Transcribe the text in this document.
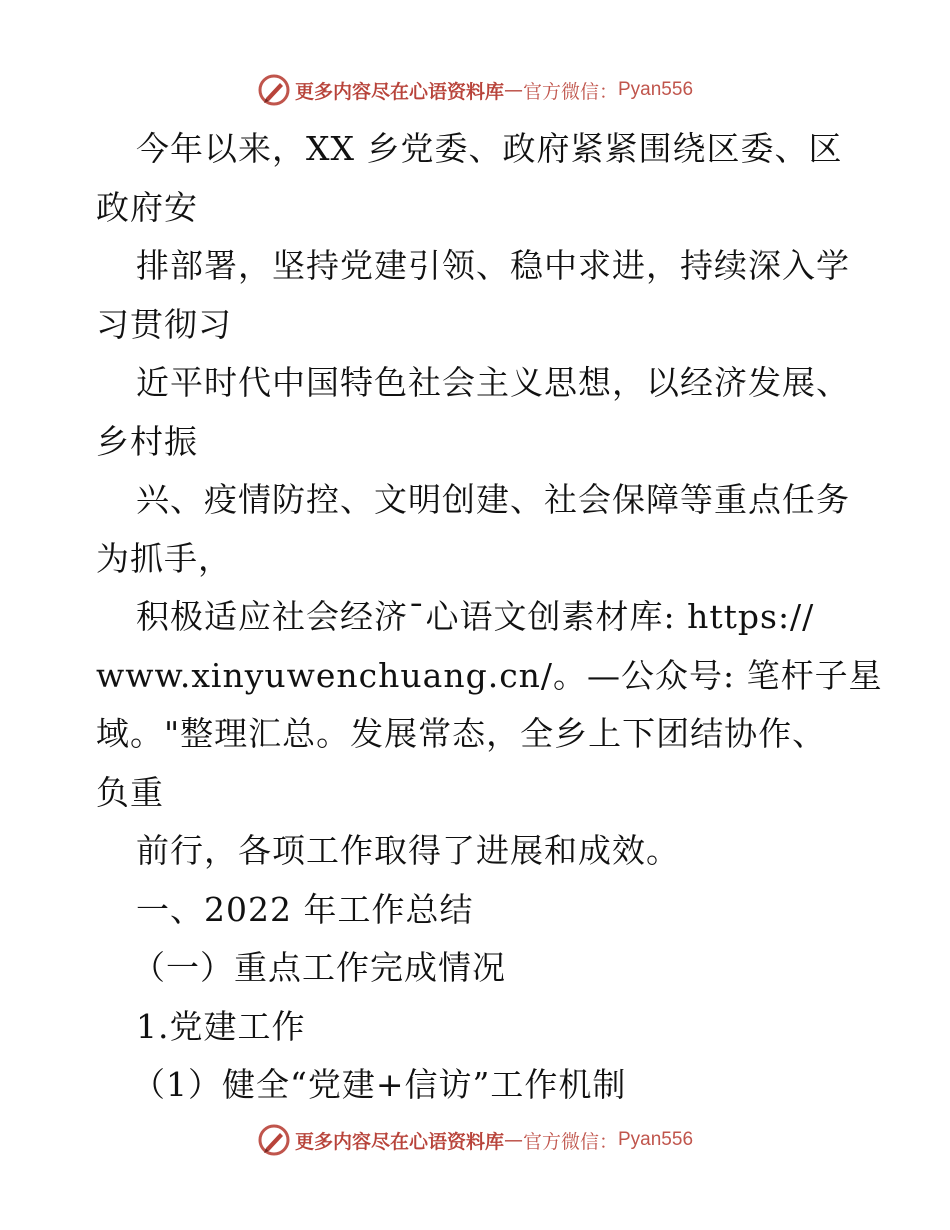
更多内容尽在心语资料库 — 官方微信： Pyan556
今年以来，XX 乡党委、政府紧紧围绕区委、区
政府安
排部署，坚持党建引领、稳中求进，持续深入学
习贯彻习
近平时代中国特色社会主义思想，以经济发展、
乡村振
兴、疫情防控、文明创建、社会保障等重点任务
为抓手，
积极适应社会经济¯心语文创素材库: https://
www.xinyuwenchuang.cn/。—公众号: 笔杆子星
域。"整理汇总。发展常态，全乡上下团结协作、
负重
前行，各项工作取得了进展和成效。
一、2022 年工作总结
（一）重点工作完成情况
1.党建工作
（1）健全“党建+信访”工作机制
更多内容尽在心语资料库 — 官方微信： Pyan556
